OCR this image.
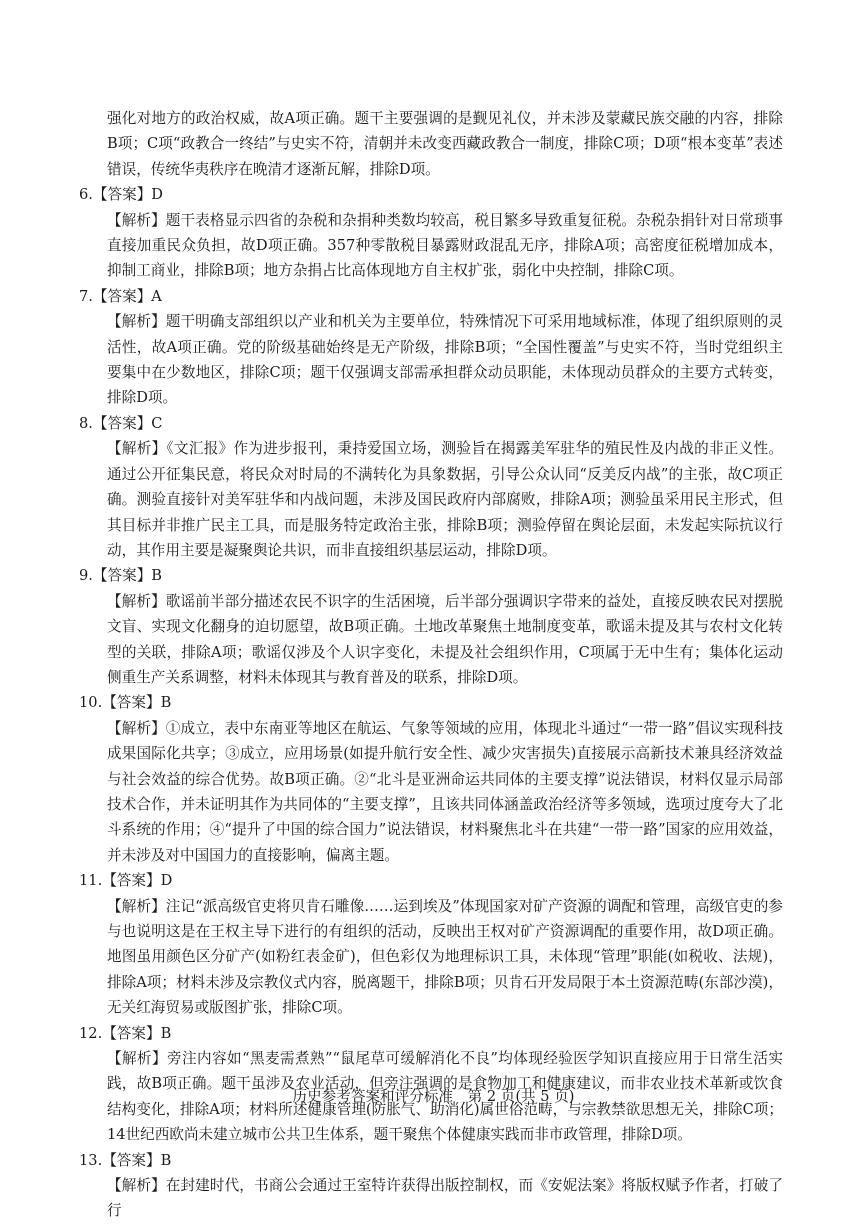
强化对地方的政治权威，故A项正确。题干主要强调的是觐见礼仪，并未涉及蒙藏民族交融的内容，排除B项；C项“政教合一终结”与史实不符，清朝并未改变西藏政教合一制度，排除C项；D项“根本变革”表述错误，传统华夷秩序在晚清才逐渐瓦解，排除D项。

6.【答案】D

【解析】题干表格显示四省的杂税和杂捐种类数均较高，税目繁多导致重复征税。杂税杂捐针对日常琐事直接加重民众负担，故D项正确。357种零散税目暴露财政混乱无序，排除A项；高密度征税增加成本，抑制工商业，排除B项；地方杂捐占比高体现地方自主权扩张，弱化中央控制，排除C项。

7.【答案】A

【解析】题干明确支部组织以产业和机关为主要单位，特殊情况下可采用地域标准，体现了组织原则的灵活性，故A项正确。党的阶级基础始终是无产阶级，排除B项；“全国性覆盖”与史实不符，当时党组织主要集中在少数地区，排除C项；题干仅强调支部需承担群众动员职能，未体现动员群众的主要方式转变，排除D项。

8.【答案】C

【解析】《文汇报》作为进步报刊，秉持爱国立场，测验旨在揭露美军驻华的殖民性及内战的非正义性。通过公开征集民意，将民众对时局的不满转化为具象数据，引导公众认同“反美反内战”的主张，故C项正确。测验直接针对美军驻华和内战问题，未涉及国民政府内部腐败，排除A项；测验虽采用民主形式，但其目标并非推广民主工具，而是服务特定政治主张，排除B项；测验停留在舆论层面，未发起实际抗议行动，其作用主要是凝聚舆论共识，而非直接组织基层运动，排除D项。

9.【答案】B

【解析】歌谣前半部分描述农民不识字的生活困境，后半部分强调识字带来的益处，直接反映农民对摆脱文盲、实现文化翻身的迫切愿望，故B项正确。土地改革聚焦土地制度变革，歌谣未提及其与农村文化转型的关联，排除A项；歌谣仅涉及个人识字变化，未提及社会组织作用，C项属于无中生有；集体化运动侧重生产关系调整，材料未体现其与教育普及的联系，排除D项。

10.【答案】B

【解析】①成立，表中东南亚等地区在航运、气象等领域的应用，体现北斗通过“一带一路”倡议实现科技成果国际化共享；③成立，应用场景(如提升航行安全性、减少灾害损失)直接展示高新技术兼具经济效益与社会效益的综合优势。故B项正确。②“北斗是亚洲命运共同体的主要支撑”说法错误，材料仅显示局部技术合作，并未证明其作为共同体的“主要支撑”，且该共同体涵盖政治经济等多领域，选项过度夸大了北斗系统的作用；④“提升了中国的综合国力”说法错误，材料聚焦北斗在共建“一带一路”国家的应用效益，并未涉及对中国国力的直接影响，偏离主题。

11.【答案】D

【解析】注记“派高级官吏将贝肯石雕像……运到埃及”体现国家对矿产资源的调配和管理，高级官吏的参与也说明这是在王权主导下进行的有组织的活动，反映出王权对矿产资源调配的重要作用，故D项正确。地图虽用颜色区分矿产(如粉红表金矿)，但色彩仅为地理标识工具，未体现“管理”职能(如税收、法规)，排除A项；材料未涉及宗教仪式内容，脱离题干，排除B项；贝肯石开发局限于本土资源范畴(东部沙漠)，无关红海贸易或版图扩张，排除C项。

12.【答案】B

【解析】旁注内容如“黑麦需煮熟”“鼠尾草可缓解消化不良”均体现经验医学知识直接应用于日常生活实践，故B项正确。题干虽涉及农业活动，但旁注强调的是食物加工和健康建议，而非农业技术革新或饮食结构变化，排除A项；材料所述健康管理(防胀气、助消化)属世俗范畴，与宗教禁欲思想无关，排除C项；14世纪西欧尚未建立城市公共卫生体系，题干聚焦个体健康实践而非市政管理，排除D项。

13.【答案】B

【解析】在封建时代，书商公会通过王室特许获得出版控制权，而《安妮法案》将版权赋予作者，打破了行

历史参考答案和评分标准　第 2 页(共 5 页)
